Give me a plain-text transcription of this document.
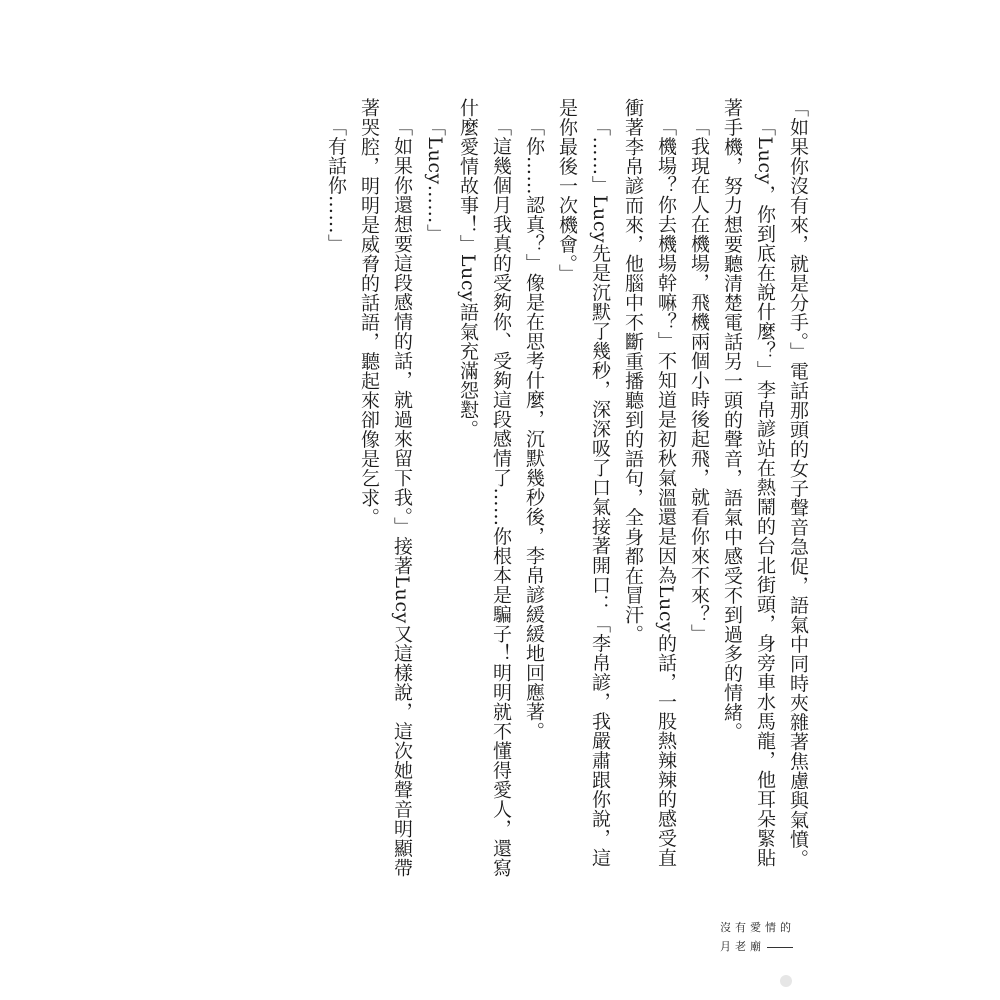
「如果你沒有來，就是分手。」電話那頭的女子聲音急促，語氣中同時夾雜著焦慮與氣憤。

「Lucy，你到底在說什麼？」李帛諺站在熱鬧的台北街頭，身旁車水馬龍，他耳朵緊貼著手機，努力想要聽清楚電話另一頭的聲音，語氣中感受不到過多的情緒。

「我現在人在機場，飛機兩個小時後起飛，就看你來不來？」

「機場？你去機場幹嘛？」不知道是初秋氣溫還是因為Lucy的話，一股熱辣辣的感受直衝著李帛諺而來，他腦中不斷重播聽到的語句，全身都在冒汗。

「……」Lucy先是沉默了幾秒，深深吸了口氣接著開口：「李帛諺，我嚴肅跟你說，這是你最後一次機會。」

「你……認真？」像是在思考什麼，沉默幾秒後，李帛諺緩緩地回應著。

「這幾個月我真的受夠你、受夠這段感情了……你根本是騙子！明明就不懂得愛人，還寫什麼愛情故事！」Lucy語氣充滿怨懟。

「Lucy……」

「如果你還想要這段感情的話，就過來留下我。」接著Lucy又這樣說，這次她聲音明顯帶著哭腔，明明是威脅的話語，聽起來卻像是乞求。

「有話你……」

沒有愛情的
月老廟
